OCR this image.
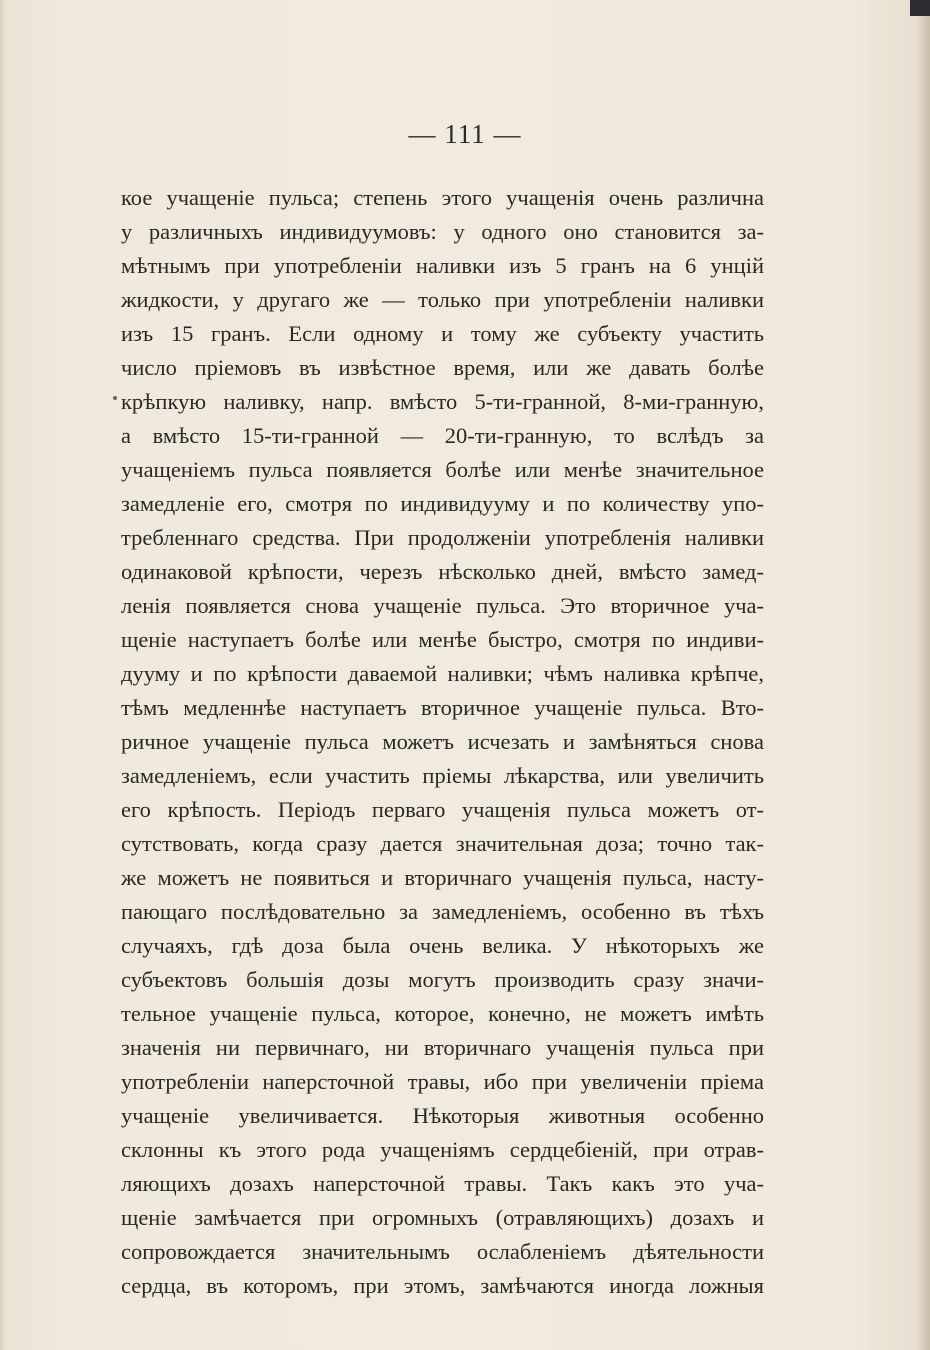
— 111 —
кое учащеніе пульса; степень этого учащенія очень различна
у различныхъ индивидуумовъ: у одного оно становится за-
мѣтнымъ при употребленіи наливки изъ 5 гранъ на 6 унцій
жидкости, у другаго же — только при употребленіи наливки
изъ 15 гранъ. Если одному и тому же субъекту участить
число пріемовъ въ извѣстное время, или же давать болѣе
крѣпкую наливку, напр. вмѣсто 5-ти-гранной, 8-ми-гранную,
а вмѣсто 15-ти-гранной — 20-ти-гранную, то вслѣдъ за
учащеніемъ пульса появляется болѣе или менѣе значительное
замедленіе его, смотря по индивидууму и по количеству упо-
требленнаго средства. При продолженіи употребленія наливки
одинаковой крѣпости, черезъ нѣсколько дней, вмѣсто замед-
ленія появляется снова учащеніе пульса. Это вторичное уча-
щеніе наступаетъ болѣе или менѣе быстро, смотря по индиви-
дууму и по крѣпости даваемой наливки; чѣмъ наливка крѣпче,
тѣмъ медленнѣе наступаетъ вторичное учащеніе пульса. Вто-
ричное учащеніе пульса можетъ исчезать и замѣняться снова
замедленіемъ, если участить пріемы лѣкарства, или увеличить
его крѣпость. Періодъ перваго учащенія пульса можетъ от-
сутствовать, когда сразу дается значительная доза; точно так-
же можетъ не появиться и вторичнаго учащенія пульса, насту-
пающаго послѣдовательно за замедленіемъ, особенно въ тѣхъ
случаяхъ, гдѣ доза была очень велика. У нѣкоторыхъ же
субъектовъ большія дозы могутъ производить сразу значи-
тельное учащеніе пульса, которое, конечно, не можетъ имѣть
значенія ни первичнаго, ни вторичнаго учащенія пульса при
употребленіи наперсточной травы, ибо при увеличеніи пріема
учащеніе увеличивается. Нѣкоторыя животныя особенно
склонны къ этого рода учащеніямъ сердцебіеній, при отрав-
ляющихъ дозахъ наперсточной травы. Такъ какъ это уча-
щеніе замѣчается при огромныхъ (отравляющихъ) дозахъ и
сопровождается значительнымъ ослабленіемъ дѣятельности
сердца, въ которомъ, при этомъ, замѣчаются иногда ложныя
